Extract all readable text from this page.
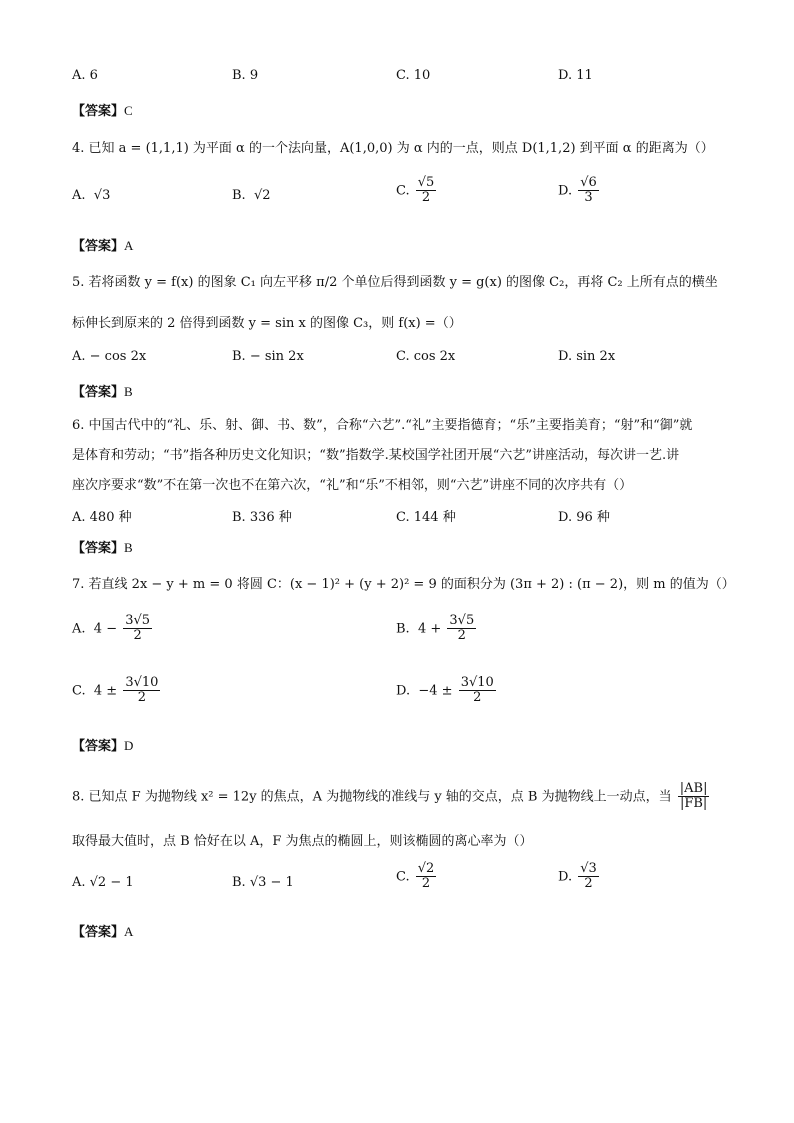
A. 6	B. 9	C. 10	D. 11
【答案】C
4. 已知 a = (1,1,1) 为平面 α 的一个法向量，A(1,0,0) 为 α 内的一点，则点 D(1,1,2) 到平面 α 的距离为（）
A. √3	B. √2	C. $\frac{√5}{2}$	D. $\frac{√6}{3}$
【答案】A
5. 若将函数 y = f(x) 的图象 C₁ 向左平移 π/2 个单位后得到函数 y = g(x) 的图像 C₂，再将 C₂ 上所有点的横坐
标伸长到原来的 2 倍得到函数 y = sin x 的图像 C₃，则 f(x) =（）
A. − cos 2x	B. − sin 2x	C. cos 2x	D. sin 2x
【答案】B
6. 中国古代中的“礼、乐、射、御、书、数”，合称“六艺”.“礼”主要指德育；“乐”主要指美育；“射”和“御”就
是体育和劳动；“书”指各种历史文化知识；“数”指数学.某校国学社团开展“六艺”讲座活动，每次讲一艺.讲
座次序要求“数”不在第一次也不在第六次，“礼”和“乐”不相邻，则“六艺”讲座不同的次序共有（）
A. 480 种	B. 336 种	C. 144 种	D. 96 种
【答案】B
7. 若直线 2x − y + m = 0 将圆 C：(x − 1)² + (y + 2)² = 9 的面积分为 (3π + 2) : (π − 2)，则 m 的值为（）
A. $4 - \frac{3√5}{2}$	B. $4 + \frac{3√5}{2}$
C. $4 \pm \frac{3√10}{2}$	D. $-4 \pm \frac{3√10}{2}$
【答案】D
8. 已知点 F 为抛物线 x² = 12y 的焦点，A 为抛物线的准线与 y 轴的交点，点 B 为抛物线上一动点，当 $\frac{|AB|}{|FB|}$
取得最大值时，点 B 恰好在以 A，F 为焦点的椭圆上，则该椭圆的离心率为（）
A. √2 − 1	B. √3 − 1	C. $\frac{√2}{2}$	D. $\frac{√3}{2}$
【答案】A
